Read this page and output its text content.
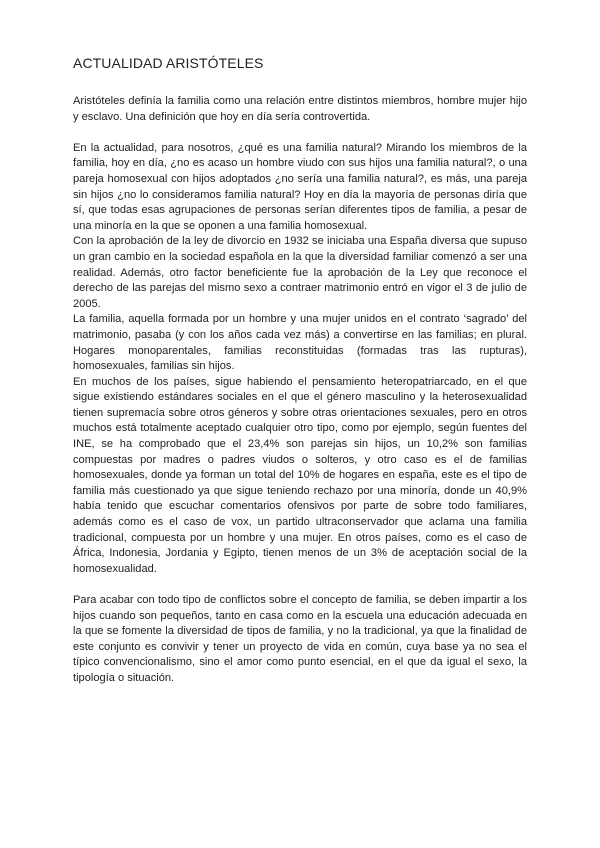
ACTUALIDAD ARISTÓTELES

Aristóteles definía la familia como una relación entre distintos miembros, hombre mujer hijo y esclavo. Una definición que hoy en día sería controvertida.

En la actualidad, para nosotros, ¿qué es una familia natural? Mirando los miembros de la familia, hoy en día, ¿no es acaso un hombre viudo con sus hijos una familia natural?, o una pareja homosexual con hijos adoptados ¿no sería una familia natural?, es más, una pareja sin hijos ¿no lo consideramos familia natural? Hoy en día la mayoría de personas diría que sí, que todas esas agrupaciones de personas serían diferentes tipos de familia, a pesar de una minoría en la que se oponen a una familia homosexual.

Con la aprobación de la ley de divorcio en 1932 se iniciaba una España diversa que supuso un gran cambio en la sociedad española en la que la diversidad familiar comenzó a ser una realidad. Además, otro factor beneficiente fue la aprobación de la Ley que reconoce el derecho de las parejas del mismo sexo a contraer matrimonio entró en vigor el 3 de julio de 2005.

La familia, aquella formada por un hombre y una mujer unidos en el contrato ‘sagrado’ del matrimonio, pasaba (y con los años cada vez más) a convertirse en las familias; en plural. Hogares monoparentales, familias reconstituidas (formadas tras las rupturas), homosexuales, familias sin hijos.

En muchos de los países, sigue habiendo el pensamiento heteropatriarcado, en el que sigue existiendo estándares sociales en el que el género masculino y la heterosexualidad tienen supremacía sobre otros géneros y sobre otras orientaciones sexuales, pero en otros muchos está totalmente aceptado cualquier otro tipo, como por ejemplo, según fuentes del INE, se ha comprobado que el 23,4% son parejas sin hijos, un 10,2% son familias compuestas por madres o padres viudos o solteros, y otro caso es el de familias homosexuales, donde ya forman un total del 10% de hogares en españa, este es el tipo de familia más cuestionado ya que sigue teniendo rechazo por una minoría, donde un 40,9% había tenido que escuchar comentarios ofensivos por parte de sobre todo familiares, además como es el caso de vox, un partido ultraconservador que aclama una familia tradicional, compuesta por un hombre y una mujer. En otros países, como es el caso de África, Indonesia, Jordania y Egipto, tienen menos de un 3% de aceptación social de la homosexualidad.

Para acabar con todo tipo de conflictos sobre el concepto de familia, se deben impartir a los hijos cuando son pequeños, tanto en casa como en la escuela una educación adecuada en la que se fomente la diversidad de tipos de familia, y no la tradicional, ya que la finalidad de este conjunto es convivir y tener un proyecto de vida en común, cuya base ya no sea el típico convencionalismo, sino el amor como punto esencial, en el que da igual el sexo, la tipología o situación.
